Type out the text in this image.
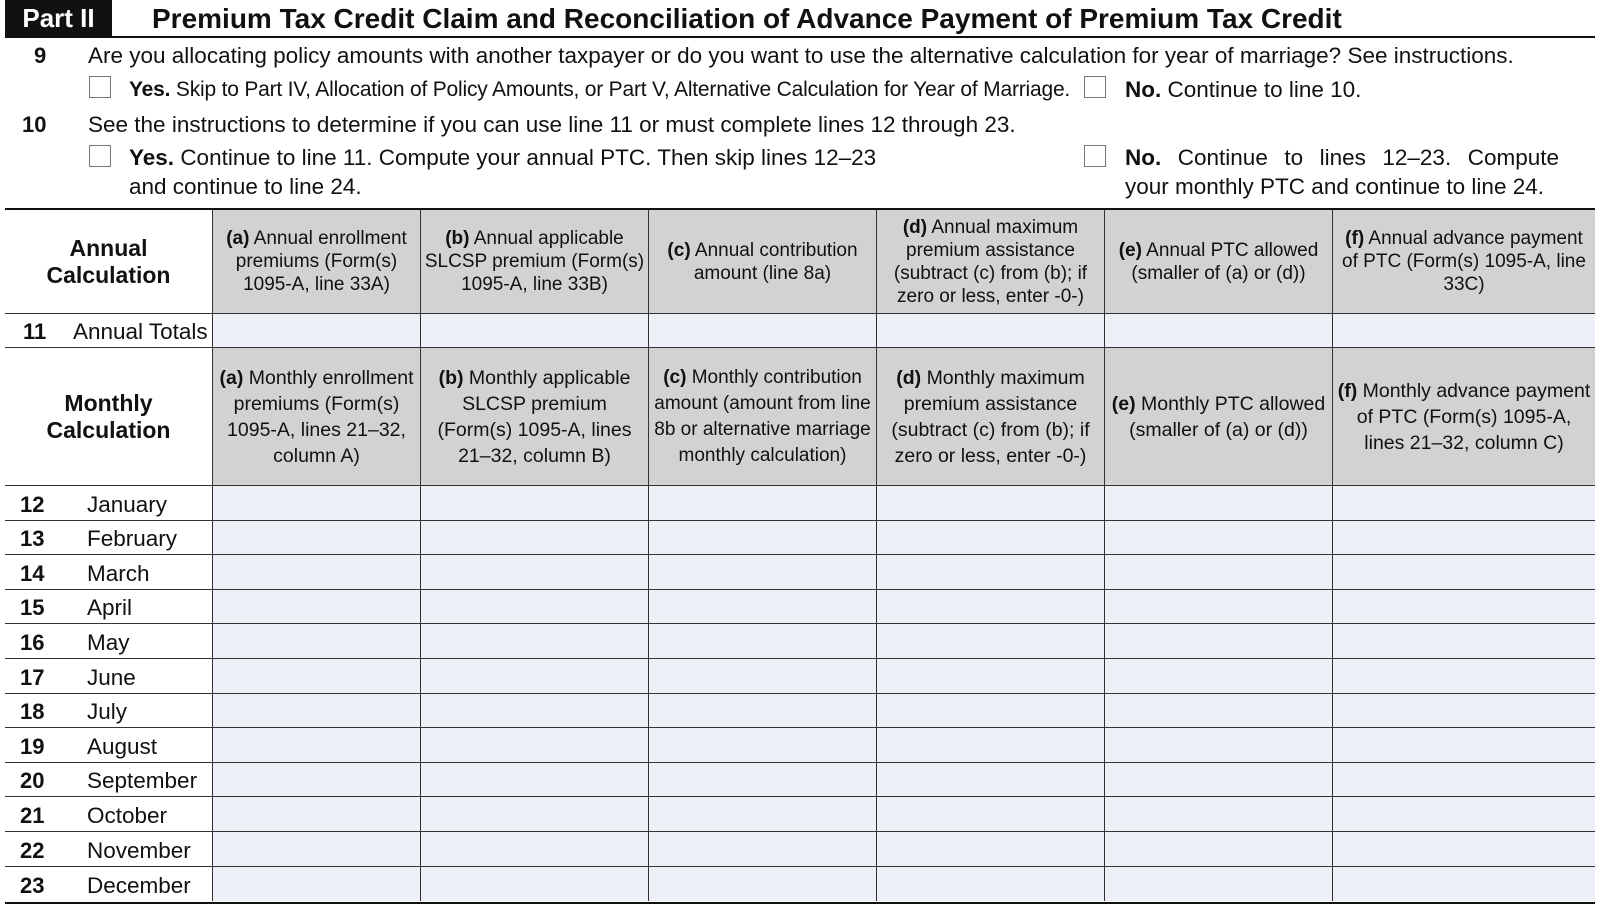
Part II	Premium Tax Credit Claim and Reconciliation of Advance Payment of Premium Tax Credit
9 Are you allocating policy amounts with another taxpayer or do you want to use the alternative calculation for year of marriage? See instructions.
Yes. Skip to Part IV, Allocation of Policy Amounts, or Part V, Alternative Calculation for Year of Marriage. No. Continue to line 10.
10 See the instructions to determine if you can use line 11 or must complete lines 12 through 23.
Yes. Continue to line 11. Compute your annual PTC. Then skip lines 12–23
and continue to line 24.
No. Continue to lines 12–23. Compute
your monthly PTC and continue to line 24.
Annual
Calculation
(a) Annual enrollment premiums (Form(s) 1095-A, line 33A)
(b) Annual applicable SLCSP premium (Form(s) 1095-A, line 33B)
(c) Annual contribution amount (line 8a)
(d) Annual maximum premium assistance (subtract (c) from (b); if zero or less, enter -0-)
(e) Annual PTC allowed (smaller of (a) or (d))
(f) Annual advance payment of PTC (Form(s) 1095-A, line 33C)
11 Annual Totals
Monthly
Calculation
(a) Monthly enrollment premiums (Form(s) 1095-A, lines 21–32, column A)
(b) Monthly applicable SLCSP premium (Form(s) 1095-A, lines 21–32, column B)
(c) Monthly contribution amount (amount from line 8b or alternative marriage monthly calculation)
(d) Monthly maximum premium assistance (subtract (c) from (b); if zero or less, enter -0-)
(e) Monthly PTC allowed (smaller of (a) or (d))
(f) Monthly advance payment of PTC (Form(s) 1095-A, lines 21–32, column C)
12 January
13 February
14 March
15 April
16 May
17 June
18 July
19 August
20 September
21 October
22 November
23 December
